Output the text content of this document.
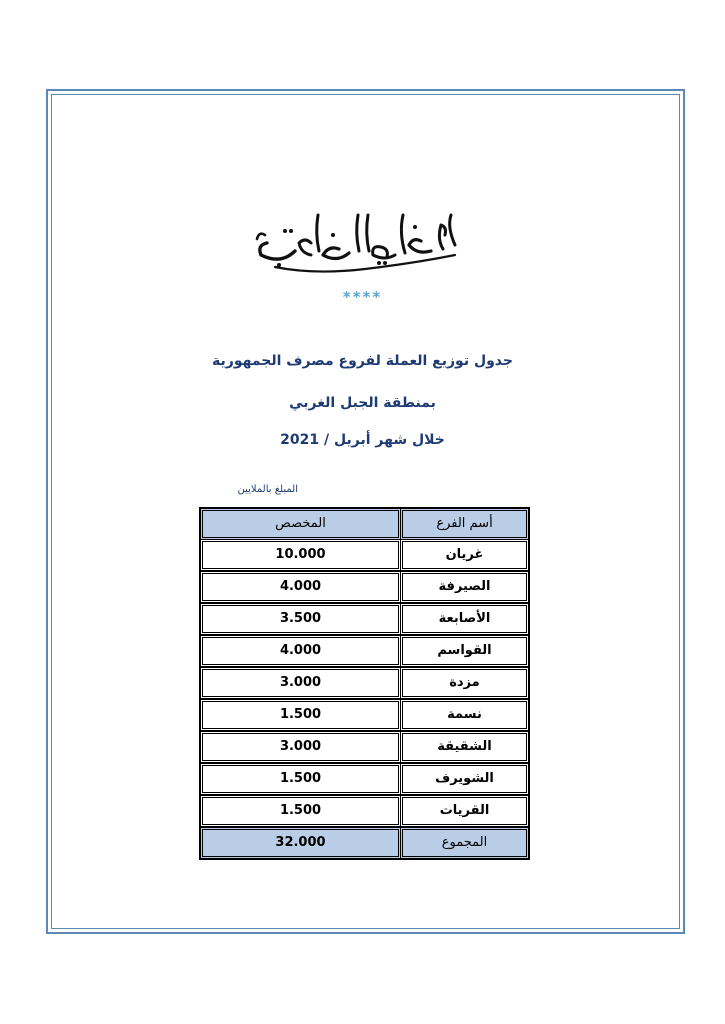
****
جدول توزيع العملة لفروع مصرف الجمهورية
بمنطقة الجبل الغربي
خلال شهر أبريل / 2021
المبلغ بالملايين
أسم الفرع	المخصص

غريان	10.000

الصيرفة	4.000

الأصابعة	3.500

القواسم	4.000

مزدة	3.000

نسمة	1.500

الشقيقة	3.000

الشويرف	1.500

القريات	1.500

المجموع	32.000
